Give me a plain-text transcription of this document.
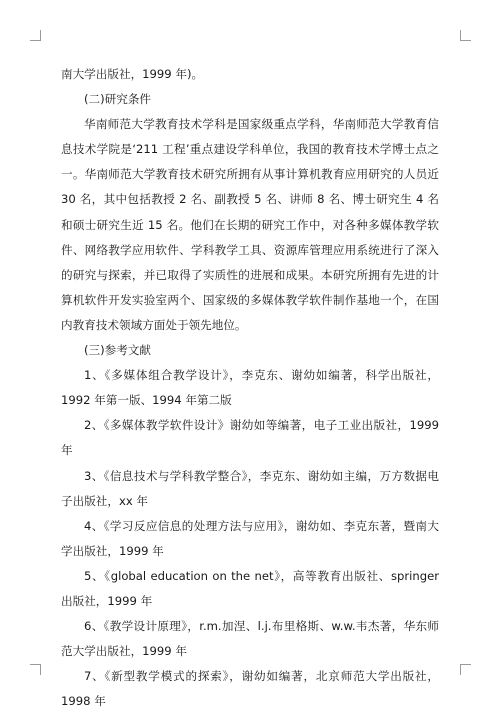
南大学出版社，1999 年)。

(二)研究条件

华南师范大学教育技术学科是国家级重点学科，华南师范大学教育信息技术学院是‘211 工程’重点建设学科单位，我国的教育技术学博士点之一。华南师范大学教育技术研究所拥有从事计算机教育应用研究的人员近 30 名，其中包括教授 2 名、副教授 5 名、讲师 8 名、博士研究生 4 名和硕士研究生近 15 名。他们在长期的研究工作中，对各种多媒体教学软件、网络教学应用软件、学科教学工具、资源库管理应用系统进行了深入的研究与探索，并已取得了实质性的进展和成果。本研究所拥有先进的计算机软件开发实验室两个、国家级的多媒体教学软件制作基地一个，在国内教育技术领域方面处于领先地位。

(三)参考文献

1、《多媒体组合教学设计》，李克东、谢幼如编著，科学出版社，1992 年第一版、1994 年第二版

2、《多媒体教学软件设计》谢幼如等编著，电子工业出版社，1999 年

3、《信息技术与学科教学整合》，李克东、谢幼如主编，万方数据电子出版社，xx 年

4、《学习反应信息的处理方法与应用》，谢幼如、李克东著，暨南大学出版社，1999 年

5、《global education on the net》，高等教育出版社、springer 出版社，1999 年

6、《教学设计原理》，r.m.加涅、l.j.布里格斯、w.w.韦杰著，华东师范大学出版社，1999 年

7、《新型教学模式的探索》，谢幼如编著，北京师范大学出版社，1998 年
